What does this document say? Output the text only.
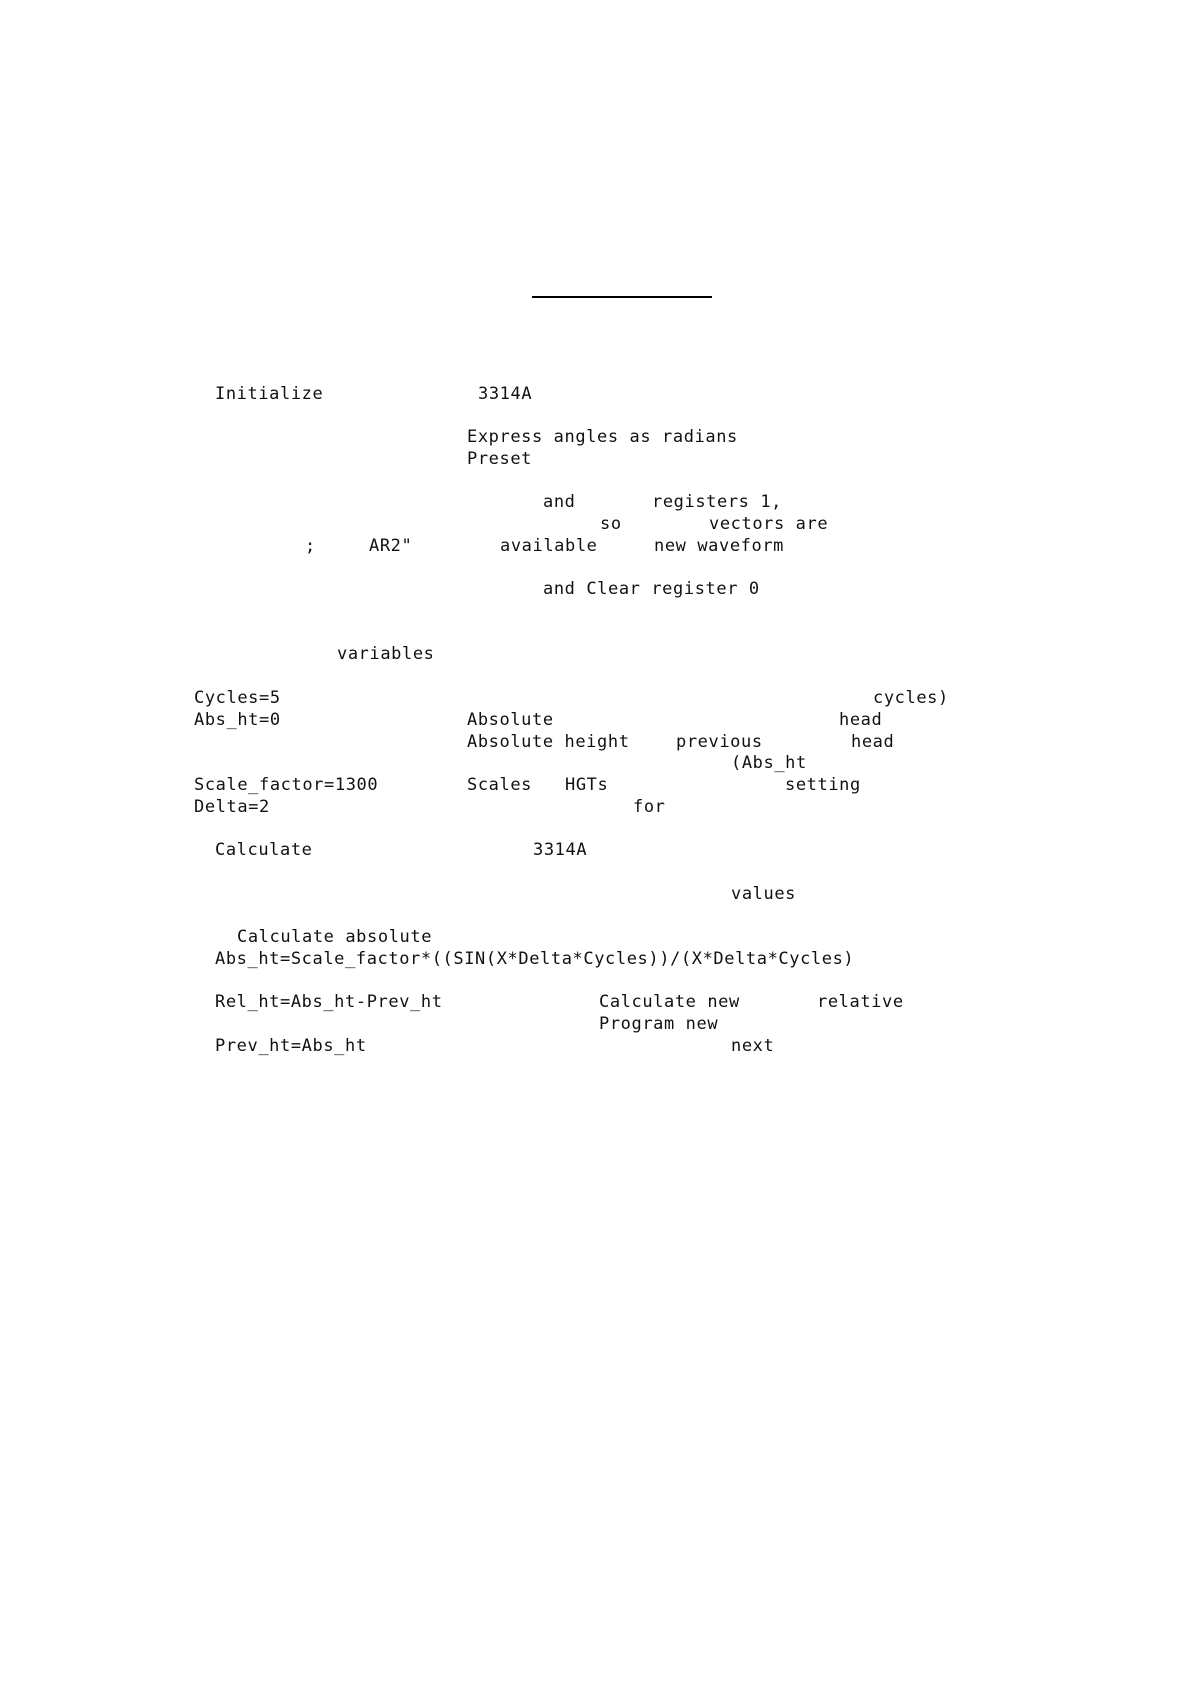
Initialize	3314A
Express angles as radians
Preset
and	registers 1,
so	vectors are
;	AR2"	available	new waveform
and Clear register 0
variables
Cycles=5	cycles)
Abs_ht=0	Absolute	head
Absolute height	previous	head
(Abs_ht
Scale_factor=1300	Scales HGTs	setting
Delta=2	for
Calculate	3314A
values
Calculate absolute
Abs_ht=Scale_factor*((SIN(X*Delta*Cycles))/(X*Delta*Cycles)
Rel_ht=Abs_ht-Prev_ht	Calculate new	relative
Program new
Prev_ht=Abs_ht	next
